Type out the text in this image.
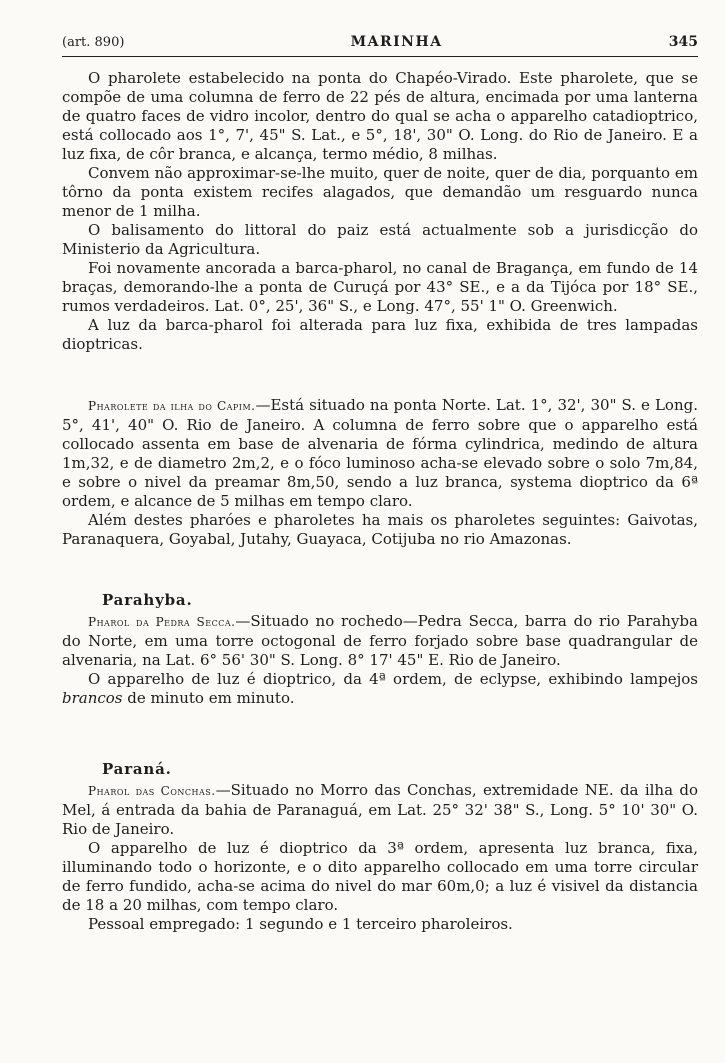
(art. 890)	MARINHA	345

O pharolete estabelecido na ponta do Chapéo-Virado. Este pharolete, que se compõe de uma columna de ferro de 22 pés de altura, encimada por uma lanterna de quatro faces de vidro incolor, dentro do qual se acha o apparelho catadioptrico, está collocado aos 1°, 7', 45" S. Lat., e 5°, 18', 30" O. Long. do Rio de Janeiro. E a luz fixa, de côr branca, e alcança, termo médio, 8 milhas.

Convem não approximar-se-lhe muito, quer de noite, quer de dia, porquanto em tôrno da ponta existem recifes alagados, que demandão um resguardo nunca menor de 1 milha.

O balisamento do littoral do paiz está actualmente sob a jurisdicção do Ministerio da Agricultura.

Foi novamente ancorada a barca-pharol, no canal de Bragança, em fundo de 14 braças, demorando-lhe a ponta de Curuçá por 43° SE., e a da Tijóca por 18° SE., rumos verdadeiros. Lat. 0°, 25', 36" S., e Long. 47°, 55' 1" O. Greenwich.

A luz da barca-pharol foi alterada para luz fixa, exhibida de tres lampadas dioptricas.

Pharolete da ilha do Capim.—Está situado na ponta Norte. Lat. 1°, 32', 30" S. e Long. 5°, 41', 40" O. Rio de Janeiro. A columna de ferro sobre que o apparelho está collocado assenta em base de alvenaria de fórma cylindrica, medindo de altura 1m,32, e de diametro 2m,2, e o fóco luminoso acha-se elevado sobre o solo 7m,84, e sobre o nivel da preamar 8m,50, sendo a luz branca, systema dioptrico da 6ª ordem, e alcance de 5 milhas em tempo claro.

Além destes pharóes e pharoletes ha mais os pharoletes seguintes: Gaivotas, Paranaquera, Goyabal, Jutahy, Guayaca, Cotijuba no rio Amazonas.

Parahyba.

Pharol da Pedra Secca.—Situado no rochedo—Pedra Secca, barra do rio Parahyba do Norte, em uma torre octogonal de ferro forjado sobre base quadrangular de alvenaria, na Lat. 6° 56' 30" S. Long. 8° 17' 45" E. Rio de Janeiro.

O apparelho de luz é dioptrico, da 4ª ordem, de eclypse, exhibindo lampejos brancos de minuto em minuto.

Paraná.

Pharol das Conchas.—Situado no Morro das Conchas, extremidade NE. da ilha do Mel, á entrada da bahia de Paranaguá, em Lat. 25° 32' 38" S., Long. 5° 10' 30" O. Rio de Janeiro.

O apparelho de luz é dioptrico da 3ª ordem, apresenta luz branca, fixa, illuminando todo o horizonte, e o dito apparelho collocado em uma torre circular de ferro fundido, acha-se acima do nivel do mar 60m,0; a luz é visivel da distancia de 18 a 20 milhas, com tempo claro.

Pessoal empregado: 1 segundo e 1 terceiro pharoleiros.
